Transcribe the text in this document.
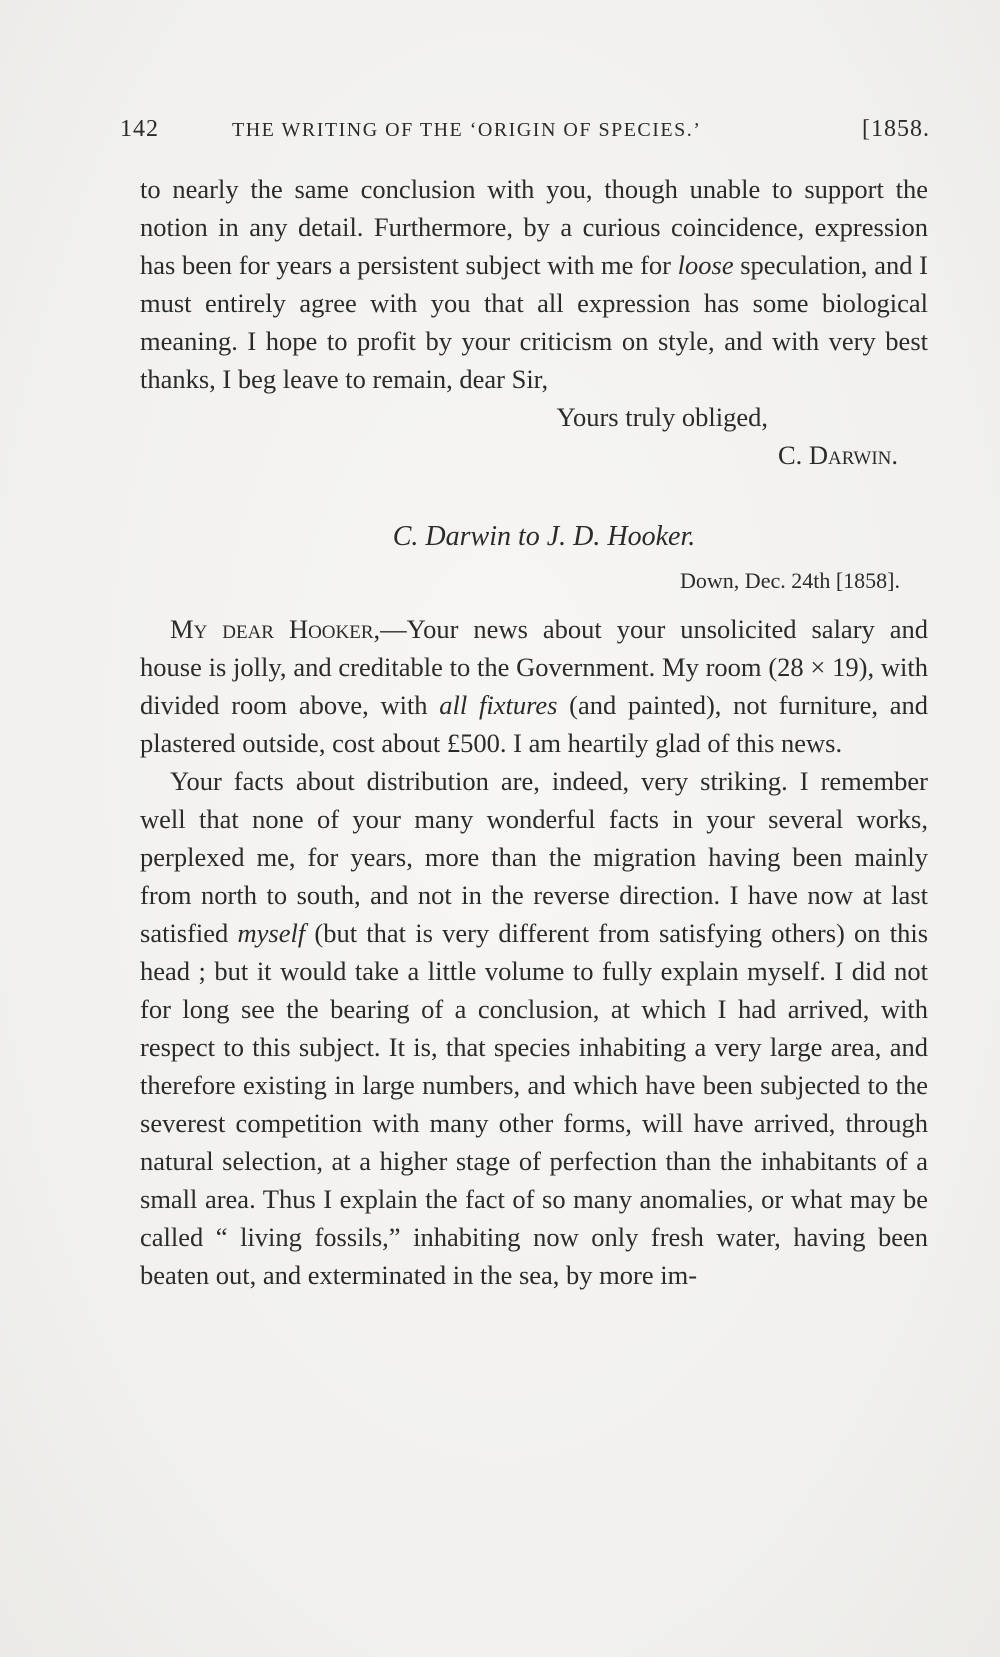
142	THE WRITING OF THE ‘ORIGIN OF SPECIES.’	[1858.

to nearly the same conclusion with you, though unable to support the notion in any detail. Furthermore, by a curious coincidence, expression has been for years a persistent subject with me for loose speculation, and I must entirely agree with you that all expression has some biological meaning. I hope to profit by your criticism on style, and with very best thanks, I beg leave to remain, dear Sir,

Yours truly obliged,

C. Darwin.

C. Darwin to J. D. Hooker.

Down, Dec. 24th [1858].

My dear Hooker,—Your news about your unsolicited salary and house is jolly, and creditable to the Government. My room (28 × 19), with divided room above, with all fixtures (and painted), not furniture, and plastered outside, cost about £500. I am heartily glad of this news.

Your facts about distribution are, indeed, very striking. I remember well that none of your many wonderful facts in your several works, perplexed me, for years, more than the migration having been mainly from north to south, and not in the reverse direction. I have now at last satisfied myself (but that is very different from satisfying others) on this head ; but it would take a little volume to fully explain myself. I did not for long see the bearing of a conclusion, at which I had arrived, with respect to this subject. It is, that species inhabiting a very large area, and therefore existing in large numbers, and which have been subjected to the severest competition with many other forms, will have arrived, through natural selection, at a higher stage of perfection than the inhabitants of a small area. Thus I explain the fact of so many anomalies, or what may be called “ living fossils,” inhabiting now only fresh water, having been beaten out, and exterminated in the sea, by more im-
